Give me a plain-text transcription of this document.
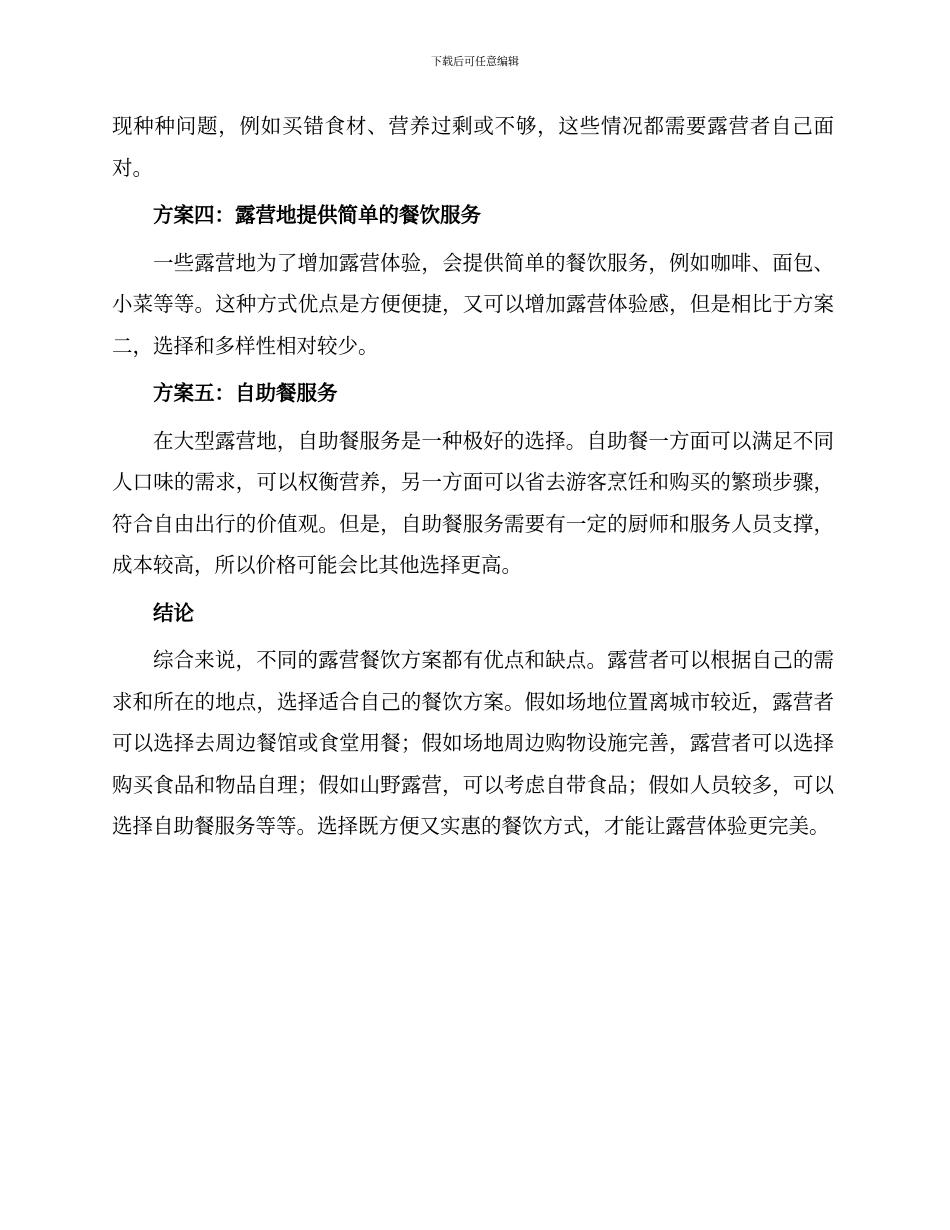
下载后可任意编辑

现种种问题，例如买错食材、营养过剩或不够，这些情况都需要露营者自己面对。

方案四：露营地提供简单的餐饮服务

一些露营地为了增加露营体验，会提供简单的餐饮服务，例如咖啡、面包、小菜等等。这种方式优点是方便便捷，又可以增加露营体验感，但是相比于方案二，选择和多样性相对较少。

方案五：自助餐服务

在大型露营地，自助餐服务是一种极好的选择。自助餐一方面可以满足不同人口味的需求，可以权衡营养，另一方面可以省去游客烹饪和购买的繁琐步骤，符合自由出行的价值观。但是，自助餐服务需要有一定的厨师和服务人员支撑，成本较高，所以价格可能会比其他选择更高。

结论

综合来说，不同的露营餐饮方案都有优点和缺点。露营者可以根据自己的需求和所在的地点，选择适合自己的餐饮方案。假如场地位置离城市较近，露营者可以选择去周边餐馆或食堂用餐；假如场地周边购物设施完善，露营者可以选择购买食品和物品自理；假如山野露营，可以考虑自带食品；假如人员较多，可以选择自助餐服务等等。选择既方便又实惠的餐饮方式，才能让露营体验更完美。
